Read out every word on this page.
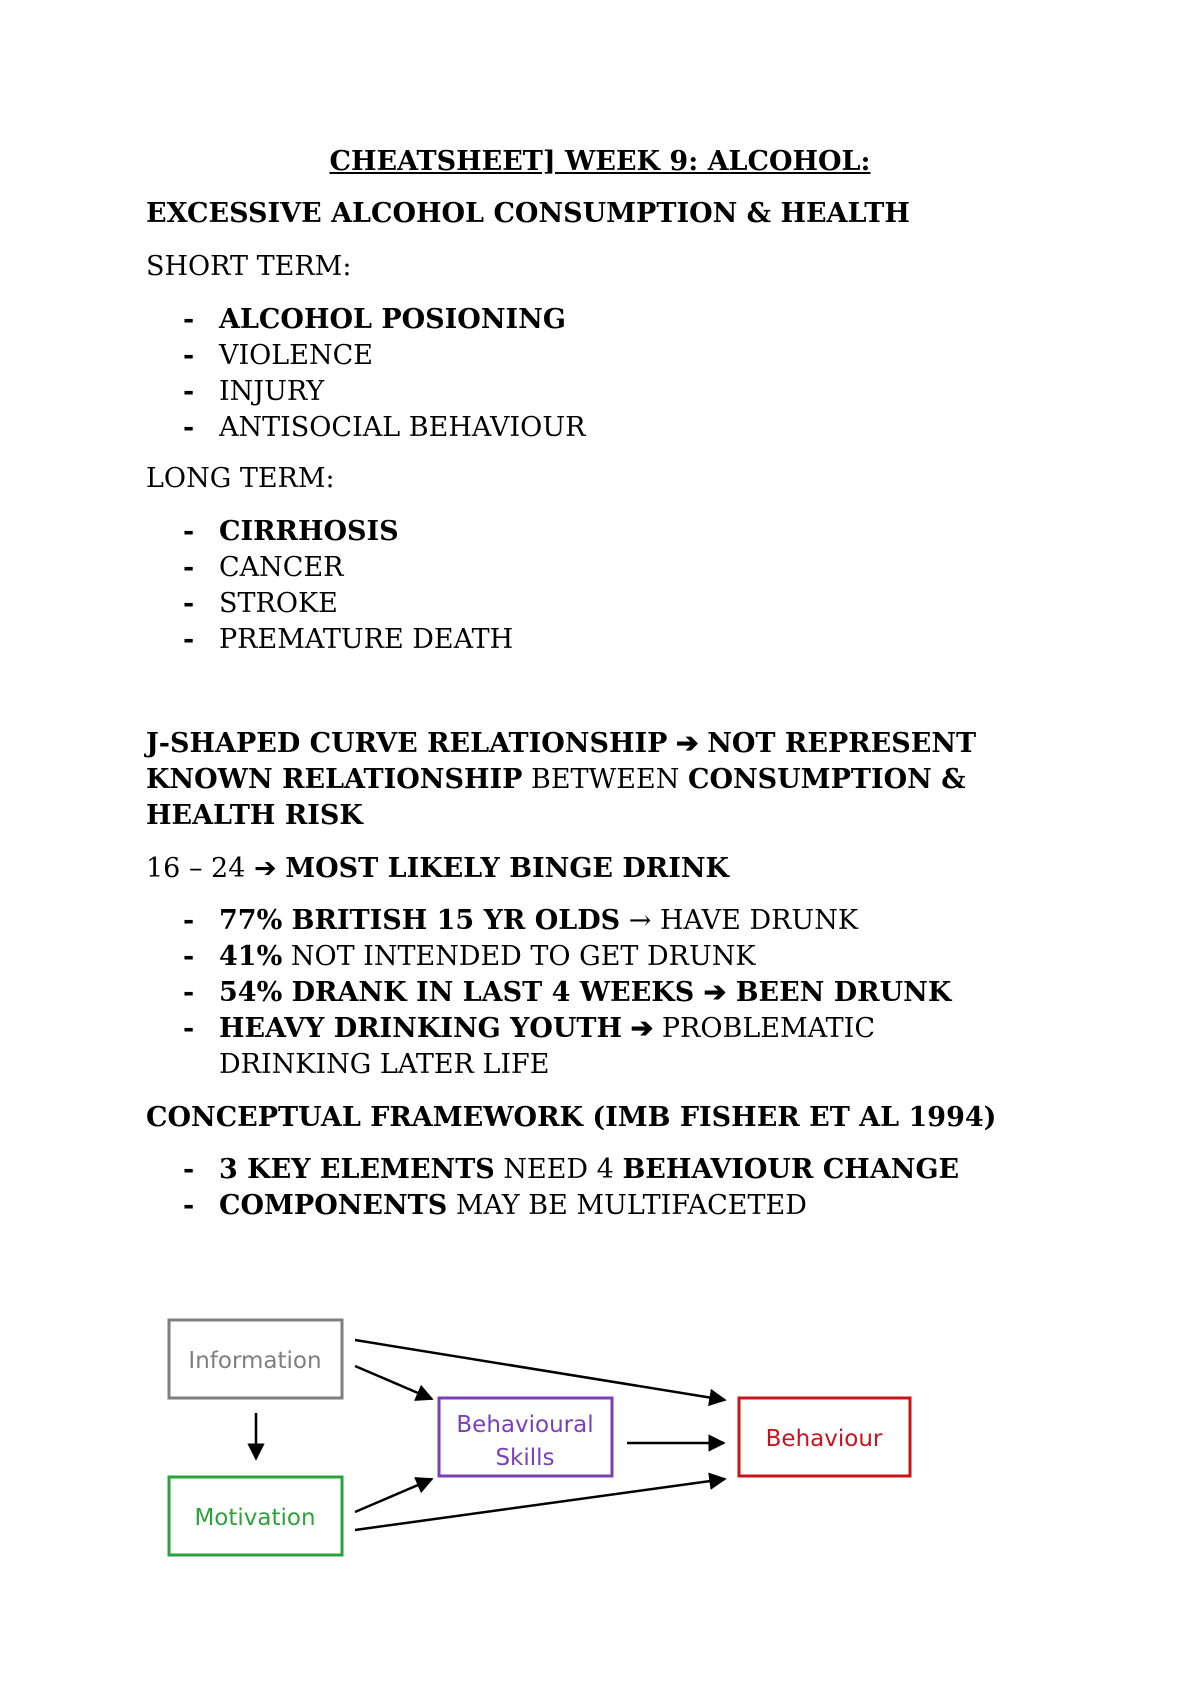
CHEATSHEET] WEEK 9: ALCOHOL:

EXCESSIVE ALCOHOL CONSUMPTION & HEALTH

SHORT TERM:

- ALCOHOL POSIONING
- VIOLENCE
- INJURY
- ANTISOCIAL BEHAVIOUR

LONG TERM:

- CIRRHOSIS
- CANCER
- STROKE
- PREMATURE DEATH

J-SHAPED CURVE RELATIONSHIP ➔ NOT REPRESENT

KNOWN RELATIONSHIP BETWEEN CONSUMPTION &

HEALTH RISK

16 – 24 ➔ MOST LIKELY BINGE DRINK

- 77% BRITISH 15 YR OLDS → HAVE DRUNK
- 41% NOT INTENDED TO GET DRUNK
- 54% DRANK IN LAST 4 WEEKS ➔ BEEN DRUNK
- HEAVY DRINKING YOUTH ➔ PROBLEMATIC
DRINKING LATER LIFE

CONCEPTUAL FRAMEWORK (IMB FISHER ET AL 1994)

- 3 KEY ELEMENTS NEED 4 BEHAVIOUR CHANGE
- COMPONENTS MAY BE MULTIFACETED
Information
Motivation
Behavioural
Skills
Behaviour
